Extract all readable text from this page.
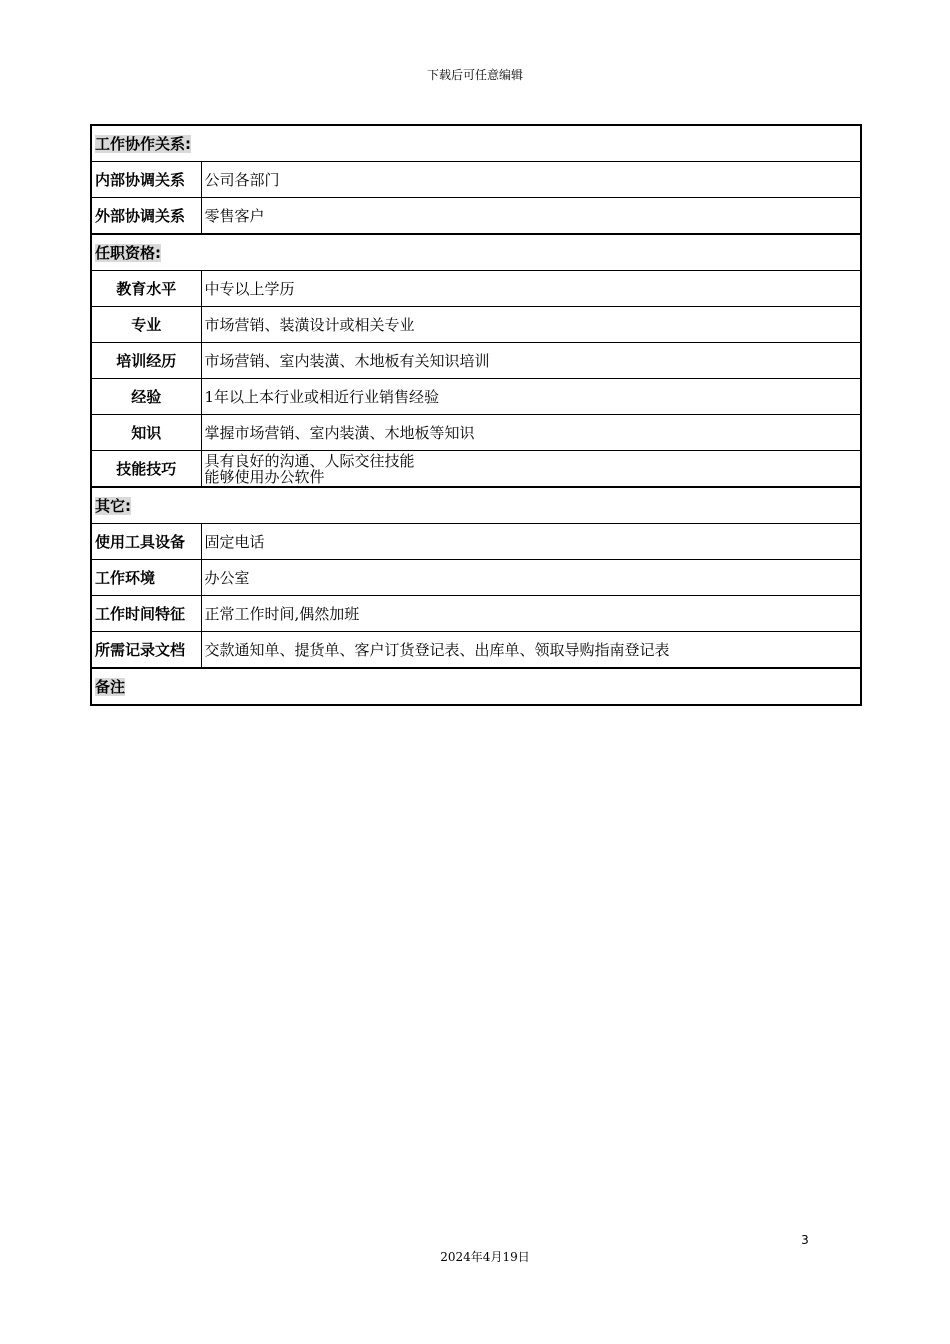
下载后可任意编辑
工作协作关系:	
内部协调关系	公司各部门
外部协调关系	零售客户
任职资格:	
教育水平	中专以上学历
专业	市场营销、装潢设计或相关专业
培训经历	市场营销、室内装潢、木地板有关知识培训
经验	1年以上本行业或相近行业销售经验
知识	掌握市场营销、室内装潢、木地板等知识
技能技巧	具有良好的沟通、人际交往技能
能够使用办公软件

其它:	
使用工具设备	固定电话
工作环境	办公室
工作时间特征	正常工作时间,偶然加班
所需记录文档	交款通知单、提货单、客户订货登记表、出库单、领取导购指南登记表
备注	
3
2024年4月19日
